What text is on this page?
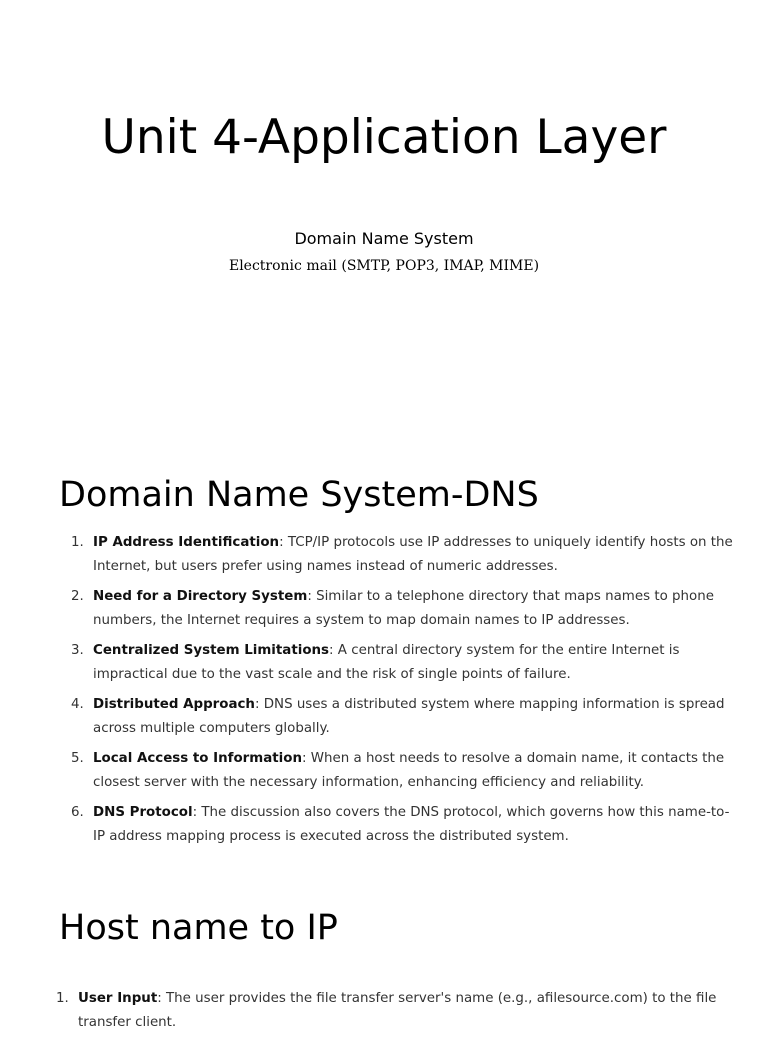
Unit 4-Application Layer
Domain Name System
Electronic mail (SMTP, POP3, IMAP, MIME)
Domain Name System-DNS
1. IP Address Identification: TCP/IP protocols use IP addresses to uniquely identify hosts on the Internet, but users prefer using names instead of numeric addresses.
2. Need for a Directory System: Similar to a telephone directory that maps names to phone numbers, the Internet requires a system to map domain names to IP addresses.
3. Centralized System Limitations: A central directory system for the entire Internet is impractical due to the vast scale and the risk of single points of failure.
4. Distributed Approach: DNS uses a distributed system where mapping information is spread across multiple computers globally.
5. Local Access to Information: When a host needs to resolve a domain name, it contacts the closest server with the necessary information, enhancing efficiency and reliability.
6. DNS Protocol: The discussion also covers the DNS protocol, which governs how this name-to-IP address mapping process is executed across the distributed system.
Host name to IP
1. User Input: The user provides the file transfer server's name (e.g., afilesource.com) to the file transfer client.
